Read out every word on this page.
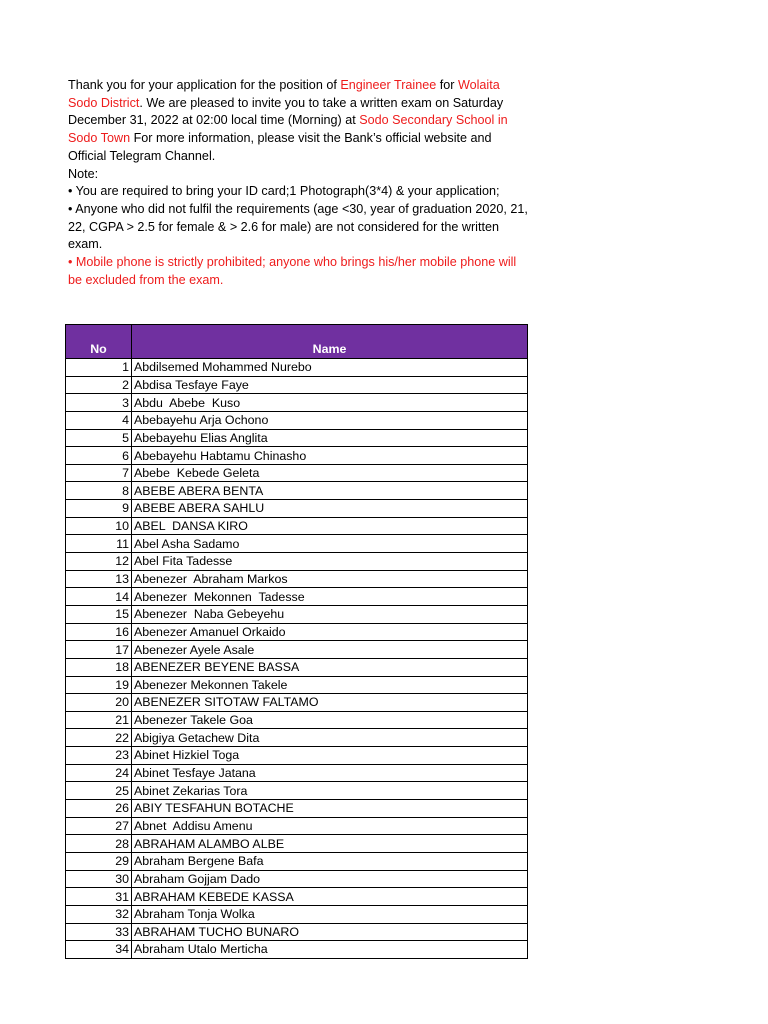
Thank you for your application for the position of Engineer Trainee for Wolaita Sodo District. We are pleased to invite you to take a written exam on Saturday December 31, 2022 at 02:00 local time (Morning) at Sodo Secondary School in Sodo Town For more information, please visit the Bank’s official website and Official Telegram Channel.

Note:

• You are required to bring your ID card;1 Photograph(3*4) & your application;

• Anyone who did not fulfil the requirements (age <30, year of graduation 2020, 21, 22, CGPA > 2.5 for female & > 2.6 for male) are not considered for the written exam.

• Mobile phone is strictly prohibited; anyone who brings his/her mobile phone will be excluded from the exam.

No	Name
1	Abdilsemed Mohammed Nurebo
2	Abdisa Tesfaye Faye
3	Abdu  Abebe  Kuso
4	Abebayehu Arja Ochono
5	Abebayehu Elias Anglita
6	Abebayehu Habtamu Chinasho
7	Abebe  Kebede Geleta
8	ABEBE ABERA BENTA
9	ABEBE ABERA SAHLU
10	ABEL  DANSA KIRO
11	Abel Asha Sadamo
12	Abel Fita Tadesse
13	Abenezer  Abraham Markos
14	Abenezer  Mekonnen  Tadesse
15	Abenezer  Naba Gebeyehu
16	Abenezer Amanuel Orkaido
17	Abenezer Ayele Asale
18	ABENEZER BEYENE BASSA
19	Abenezer Mekonnen Takele
20	ABENEZER SITOTAW FALTAMO
21	Abenezer Takele Goa
22	Abigiya Getachew Dita
23	Abinet Hizkiel Toga
24	Abinet Tesfaye Jatana
25	Abinet Zekarias Tora
26	ABIY TESFAHUN BOTACHE
27	Abnet  Addisu Amenu
28	ABRAHAM ALAMBO ALBE
29	Abraham Bergene Bafa
30	Abraham Gojjam Dado
31	ABRAHAM KEBEDE KASSA
32	Abraham Tonja Wolka
33	ABRAHAM TUCHO BUNARO
34	Abraham Utalo Merticha
